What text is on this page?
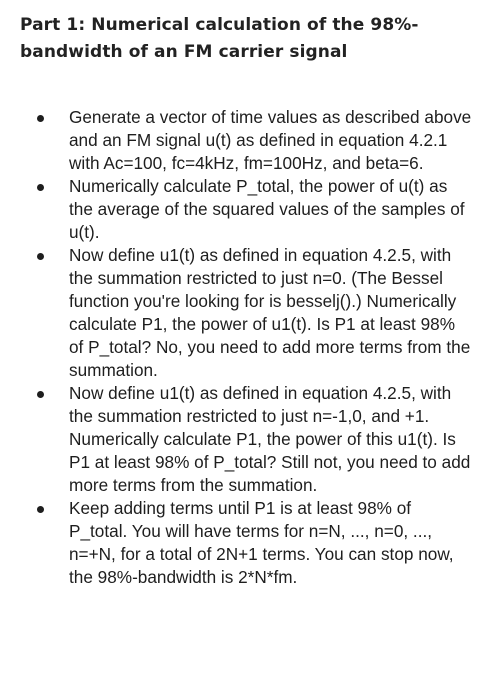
Part 1: Numerical calculation of the 98%-bandwidth of an FM carrier signal
Generate a vector of time values as described above and an FM signal u(t) as defined in equation 4.2.1 with Ac=100, fc=4kHz, fm=100Hz, and beta=6.
Numerically calculate P_total, the power of u(t) as the average of the squared values of the samples of u(t).
Now define u1(t) as defined in equation 4.2.5, with the summation restricted to just n=0. (The Bessel function you're looking for is besselj().) Numerically calculate P1, the power of u1(t). Is P1 at least 98% of P_total? No, you need to add more terms from the summation.
Now define u1(t) as defined in equation 4.2.5, with the summation restricted to just n=-1,0, and +1. Numerically calculate P1, the power of this u1(t). Is P1 at least 98% of P_total? Still not, you need to add more terms from the summation.
Keep adding terms until P1 is at least 98% of P_total. You will have terms for n=N, ..., n=0, ..., n=+N, for a total of 2N+1 terms. You can stop now, the 98%-bandwidth is 2*N*fm.
